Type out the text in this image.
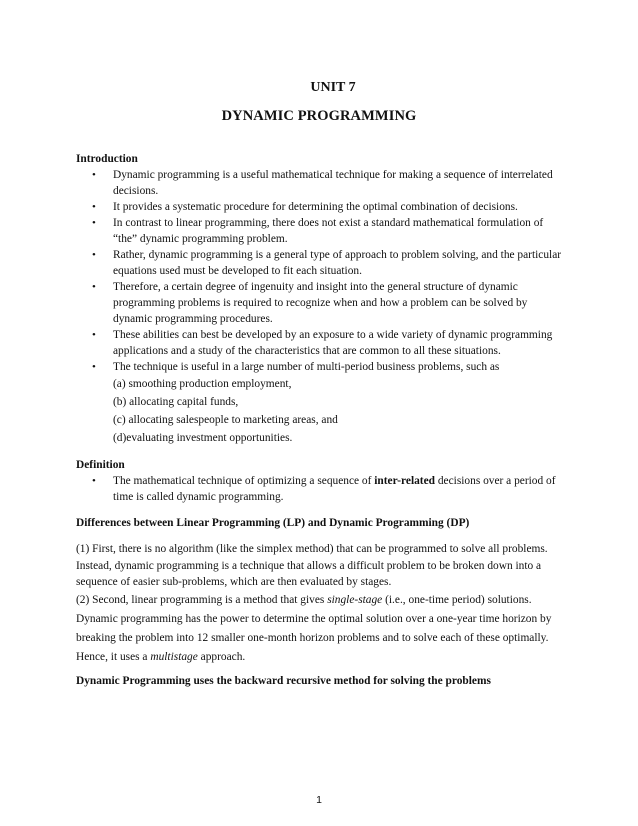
UNIT 7
DYNAMIC PROGRAMMING

Introduction

• Dynamic programming is a useful mathematical technique for making a sequence of interrelated decisions.
• It provides a systematic procedure for determining the optimal combination of decisions.
• In contrast to linear programming, there does not exist a standard mathematical formulation of “the” dynamic programming problem.
• Rather, dynamic programming is a general type of approach to problem solving, and the particular equations used must be developed to fit each situation.
• Therefore, a certain degree of ingenuity and insight into the general structure of dynamic programming problems is required to recognize when and how a problem can be solved by dynamic programming procedures.
• These abilities can best be developed by an exposure to a wide variety of dynamic programming applications and a study of the characteristics that are common to all these situations.
• The technique is useful in a large number of multi-period business problems, such as
(a) smoothing production employment,
(b) allocating capital funds,
(c) allocating salespeople to marketing areas, and
(d)evaluating investment opportunities.

Definition

• The mathematical technique of optimizing a sequence of inter-related decisions over a period of time is called dynamic programming.

Differences between Linear Programming (LP) and Dynamic Programming (DP)

(1) First, there is no algorithm (like the simplex method) that can be programmed to solve all problems. Instead, dynamic programming is a technique that allows a difficult problem to be broken down into a sequence of easier sub-problems, which are then evaluated by stages.

(2) Second, linear programming is a method that gives single-stage (i.e., one-time period) solutions. Dynamic programming has the power to determine the optimal solution over a one-year time horizon by breaking the problem into 12 smaller one-month horizon problems and to solve each of these optimally. Hence, it uses a multistage approach.

Dynamic Programming uses the backward recursive method for solving the problems

1
